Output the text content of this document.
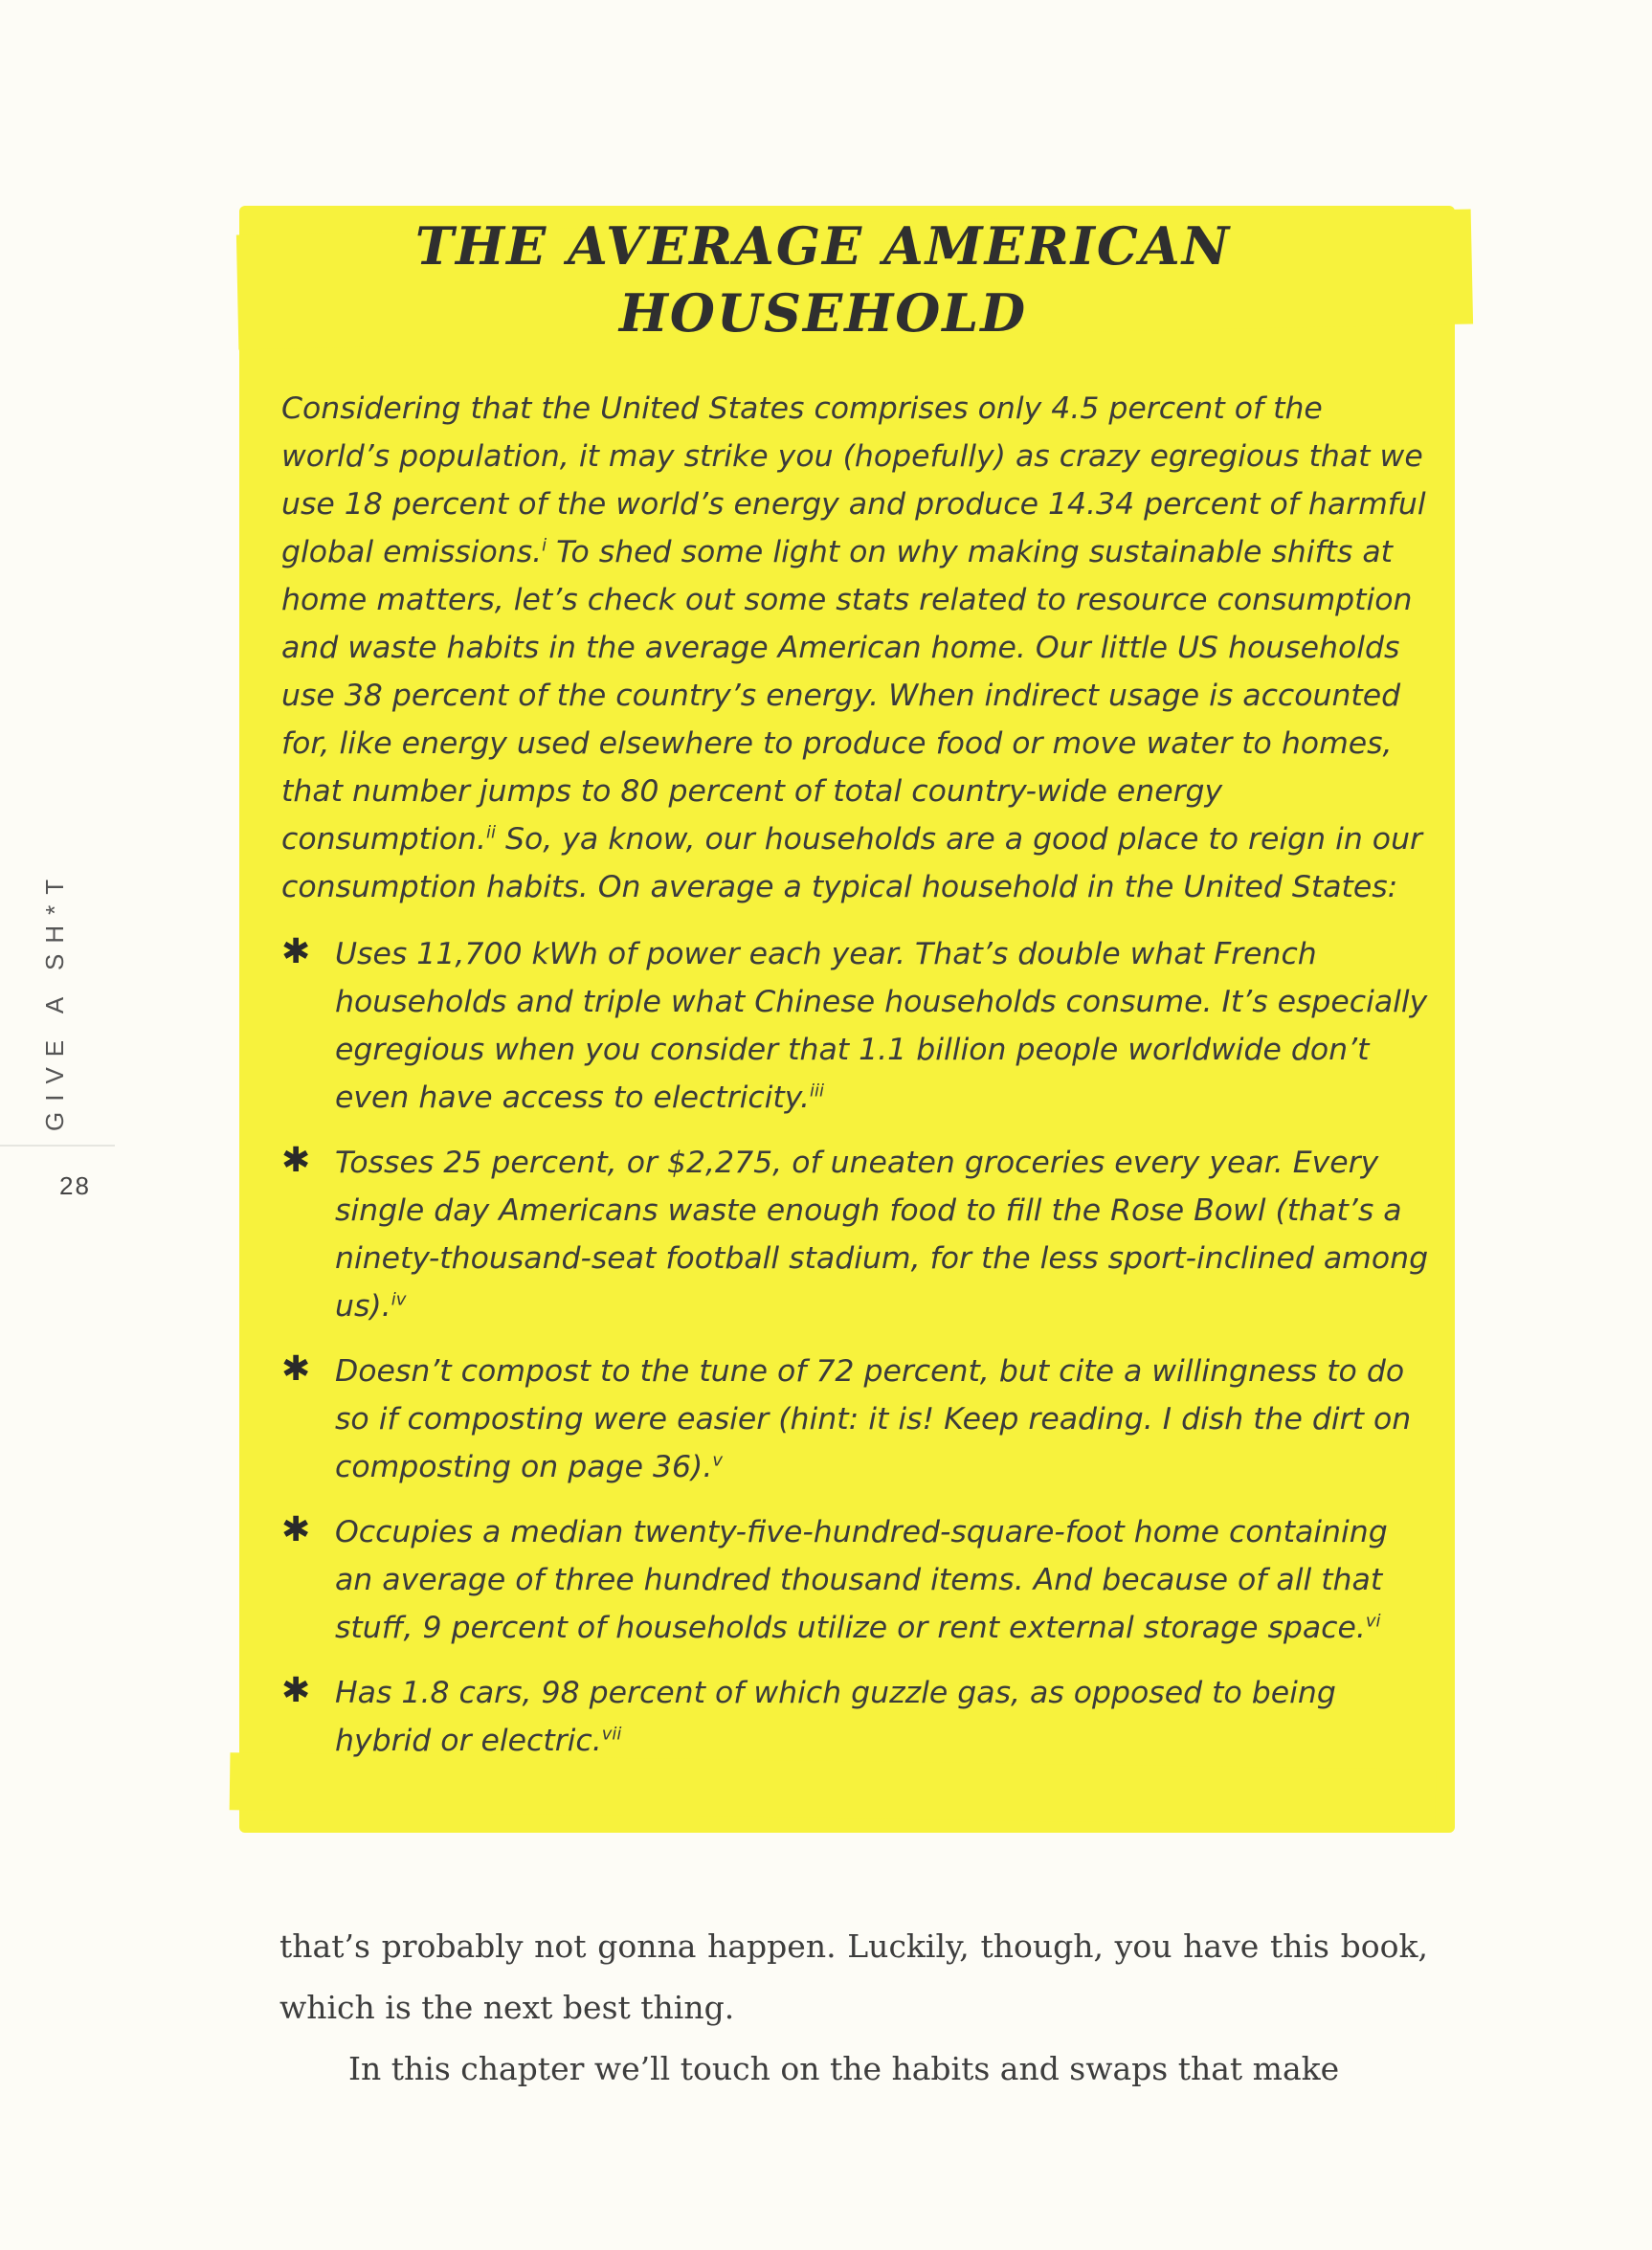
GIVE A SH*T
28
THE AVERAGE AMERICAN
HOUSEHOLD

Considering that the United States comprises only 4.5 percent of the world’s population, it may strike you (hopefully) as crazy egregious that we use 18 percent of the world’s energy and produce 14.34 percent of harmful global emissions.$^i$ To shed some light on why making sustainable shifts at home matters, let’s check out some stats related to resource consumption and waste habits in the average American home. Our little US households use 38 percent of the country’s energy. When indirect usage is accounted for, like energy used elsewhere to produce food or move water to homes, that number jumps to 80 percent of total country-wide energy consumption.$^{ii}$ So, ya know, our households are a good place to reign in our consumption habits. On average a typical household in the United States:

✱ Uses 11,700 kWh of power each year. That’s double what French households and triple what Chinese households consume. It’s especially egregious when you consider that 1.1 billion people worldwide don’t even have access to electricity.$^{iii}$
✱ Tosses 25 percent, or $2,275, of uneaten groceries every year. Every single day Americans waste enough food to fill the Rose Bowl (that’s a ninety-thousand-seat football stadium, for the less sport-inclined among us).$^{iv}$
✱ Doesn’t compost to the tune of 72 percent, but cite a willingness to do so if composting were easier (hint: it is! Keep reading. I dish the dirt on composting on page 36).$^v$
✱ Occupies a median twenty-five-hundred-square-foot home containing an average of three hundred thousand items. And because of all that stuff, 9 percent of households utilize or rent external storage space.$^{vi}$
✱ Has 1.8 cars, 98 percent of which guzzle gas, as opposed to being hybrid or electric.$^{vii}$

that’s probably not gonna happen. Luckily, though, you have this book, which is the next best thing.

In this chapter we’ll touch on the habits and swaps that make
